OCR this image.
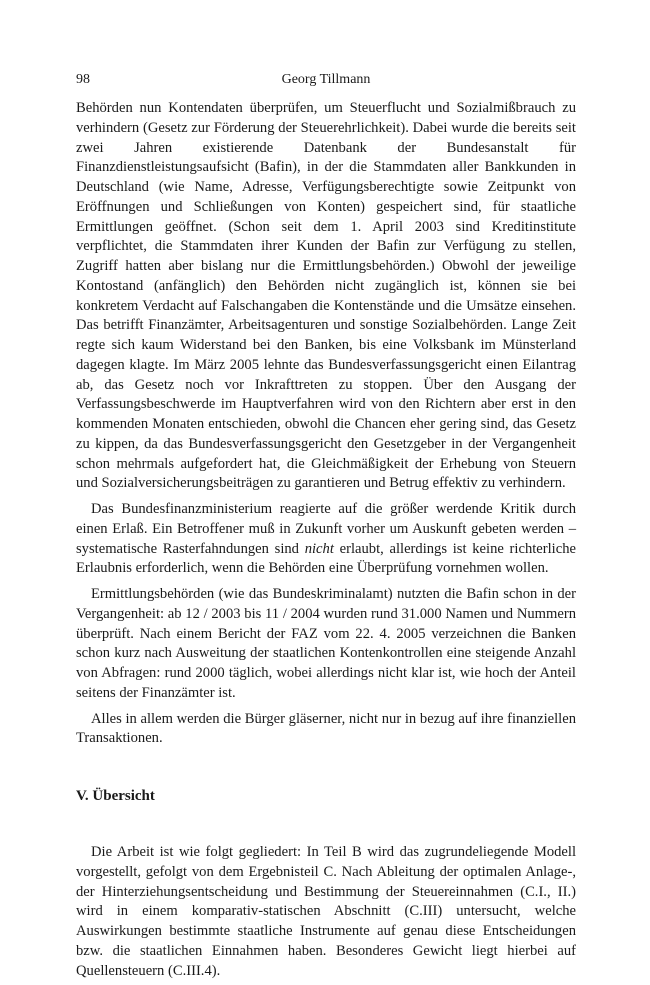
98	Georg Tillmann

Behörden nun Kontendaten überprüfen, um Steuerflucht und Sozialmißbrauch zu verhindern (Gesetz zur Förderung der Steuerehrlichkeit). Dabei wurde die bereits seit zwei Jahren existierende Datenbank der Bundesanstalt für Finanzdienstleistungsaufsicht (Bafin), in der die Stammdaten aller Bankkunden in Deutschland (wie Name, Adresse, Verfügungsberechtigte sowie Zeitpunkt von Eröffnungen und Schließungen von Konten) gespeichert sind, für staatliche Ermittlungen geöffnet. (Schon seit dem 1. April 2003 sind Kreditinstitute verpflichtet, die Stammdaten ihrer Kunden der Bafin zur Verfügung zu stellen, Zugriff hatten aber bislang nur die Ermittlungsbehörden.) Obwohl der jeweilige Kontostand (anfänglich) den Behörden nicht zugänglich ist, können sie bei konkretem Verdacht auf Falschangaben die Kontenstände und die Umsätze einsehen. Das betrifft Finanzämter, Arbeitsagenturen und sonstige Sozialbehörden. Lange Zeit regte sich kaum Widerstand bei den Banken, bis eine Volksbank im Münsterland dagegen klagte. Im März 2005 lehnte das Bundesverfassungsgericht einen Eilantrag ab, das Gesetz noch vor Inkrafttreten zu stoppen. Über den Ausgang der Verfassungsbeschwerde im Hauptverfahren wird von den Richtern aber erst in den kommenden Monaten entschieden, obwohl die Chancen eher gering sind, das Gesetz zu kippen, da das Bundesverfassungsgericht den Gesetzgeber in der Vergangenheit schon mehrmals aufgefordert hat, die Gleichmäßigkeit der Erhebung von Steuern und Sozialversicherungsbeiträgen zu garantieren und Betrug effektiv zu verhindern.

Das Bundesfinanzministerium reagierte auf die größer werdende Kritik durch einen Erlaß. Ein Betroffener muß in Zukunft vorher um Auskunft gebeten werden – systematische Rasterfahndungen sind nicht erlaubt, allerdings ist keine richterliche Erlaubnis erforderlich, wenn die Behörden eine Überprüfung vornehmen wollen.

Ermittlungsbehörden (wie das Bundeskriminalamt) nutzten die Bafin schon in der Vergangenheit: ab 12 / 2003 bis 11 / 2004 wurden rund 31.000 Namen und Nummern überprüft. Nach einem Bericht der FAZ vom 22. 4. 2005 verzeichnen die Banken schon kurz nach Ausweitung der staatlichen Kontenkontrollen eine steigende Anzahl von Abfragen: rund 2000 täglich, wobei allerdings nicht klar ist, wie hoch der Anteil seitens der Finanzämter ist.

Alles in allem werden die Bürger gläserner, nicht nur in bezug auf ihre finanziellen Transaktionen.

V. Übersicht

Die Arbeit ist wie folgt gegliedert: In Teil B wird das zugrundeliegende Modell vorgestellt, gefolgt von dem Ergebnisteil C. Nach Ableitung der optimalen Anlage-, der Hinterziehungsentscheidung und Bestimmung der Steuereinnahmen (C.I., II.) wird in einem komparativ-statischen Abschnitt (C.III) untersucht, welche Auswirkungen bestimmte staatliche Instrumente auf genau diese Entscheidungen bzw. die staatlichen Einnahmen haben. Besonderes Gewicht liegt hierbei auf Quellensteuern (C.III.4).
